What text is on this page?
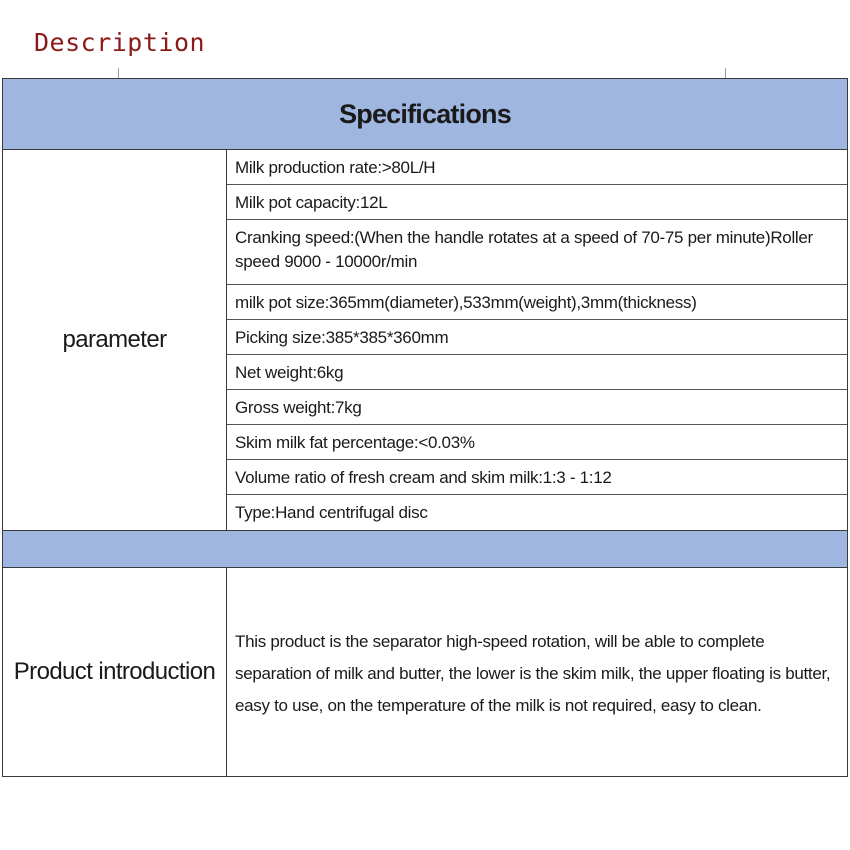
Description
Specifications
parameter
Milk production rate:>80L/H
Milk pot capacity:12L
Cranking speed:(When the handle rotates at a speed of 70-75 per minute)Roller speed 9000 - 10000r/min
milk pot size:365mm(diameter),533mm(weight),3mm(thickness)
Picking size:385*385*360mm
Net weight:6kg
Gross weight:7kg
Skim milk fat percentage:<0.03%
Volume ratio of fresh cream and skim milk:1:3 - 1:12
Type:Hand centrifugal disc
Product introduction
This product is the separator high-speed rotation, will be able to complete separation of milk and butter, the lower is the skim milk, the upper floating is butter, easy to use, on the temperature of the milk is not required, easy to clean.
